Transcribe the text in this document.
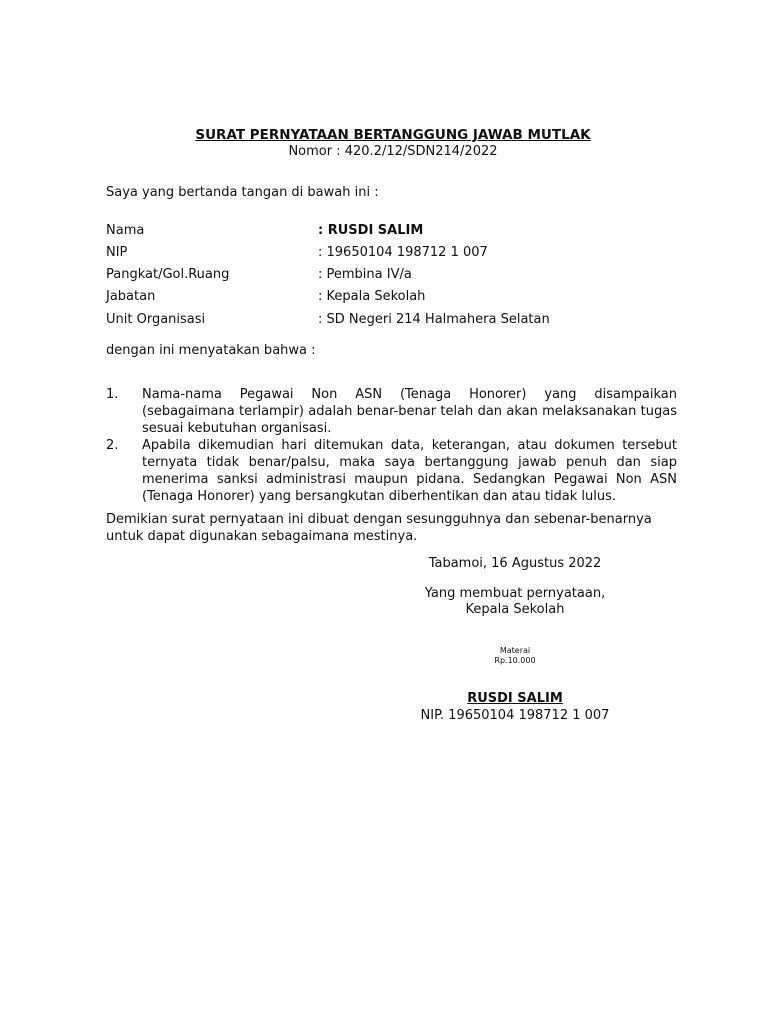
SURAT PERNYATAAN BERTANGGUNG JAWAB MUTLAK
Nomor : 420.2/12/SDN214/2022
Saya yang bertanda tangan di bawah ini :
Nama	: RUSDI SALIM
NIP	: 19650104 198712 1 007
Pangkat/Gol.Ruang	: Pembina IV/a
Jabatan	: Kepala Sekolah
Unit Organisasi	: SD Negeri 214 Halmahera Selatan
dengan ini menyatakan bahwa :
1. Nama-nama Pegawai Non ASN (Tenaga Honorer) yang disampaikan (sebagaimana terlampir) adalah benar-benar telah dan akan melaksanakan tugas sesuai kebutuhan organisasi.
2. Apabila dikemudian hari ditemukan data, keterangan, atau dokumen tersebut ternyata tidak benar/palsu, maka saya bertanggung jawab penuh dan siap menerima sanksi administrasi maupun pidana. Sedangkan Pegawai Non ASN (Tenaga Honorer) yang bersangkutan diberhentikan dan atau tidak lulus.
Demikian surat pernyataan ini dibuat dengan sesungguhnya dan sebenar-benarnya untuk dapat digunakan sebagaimana mestinya.
Tabamoi, 16 Agustus 2022
Yang membuat pernyataan,
Kepala Sekolah
Materai
Rp.10.000
RUSDI SALIM
NIP. 19650104 198712 1 007
